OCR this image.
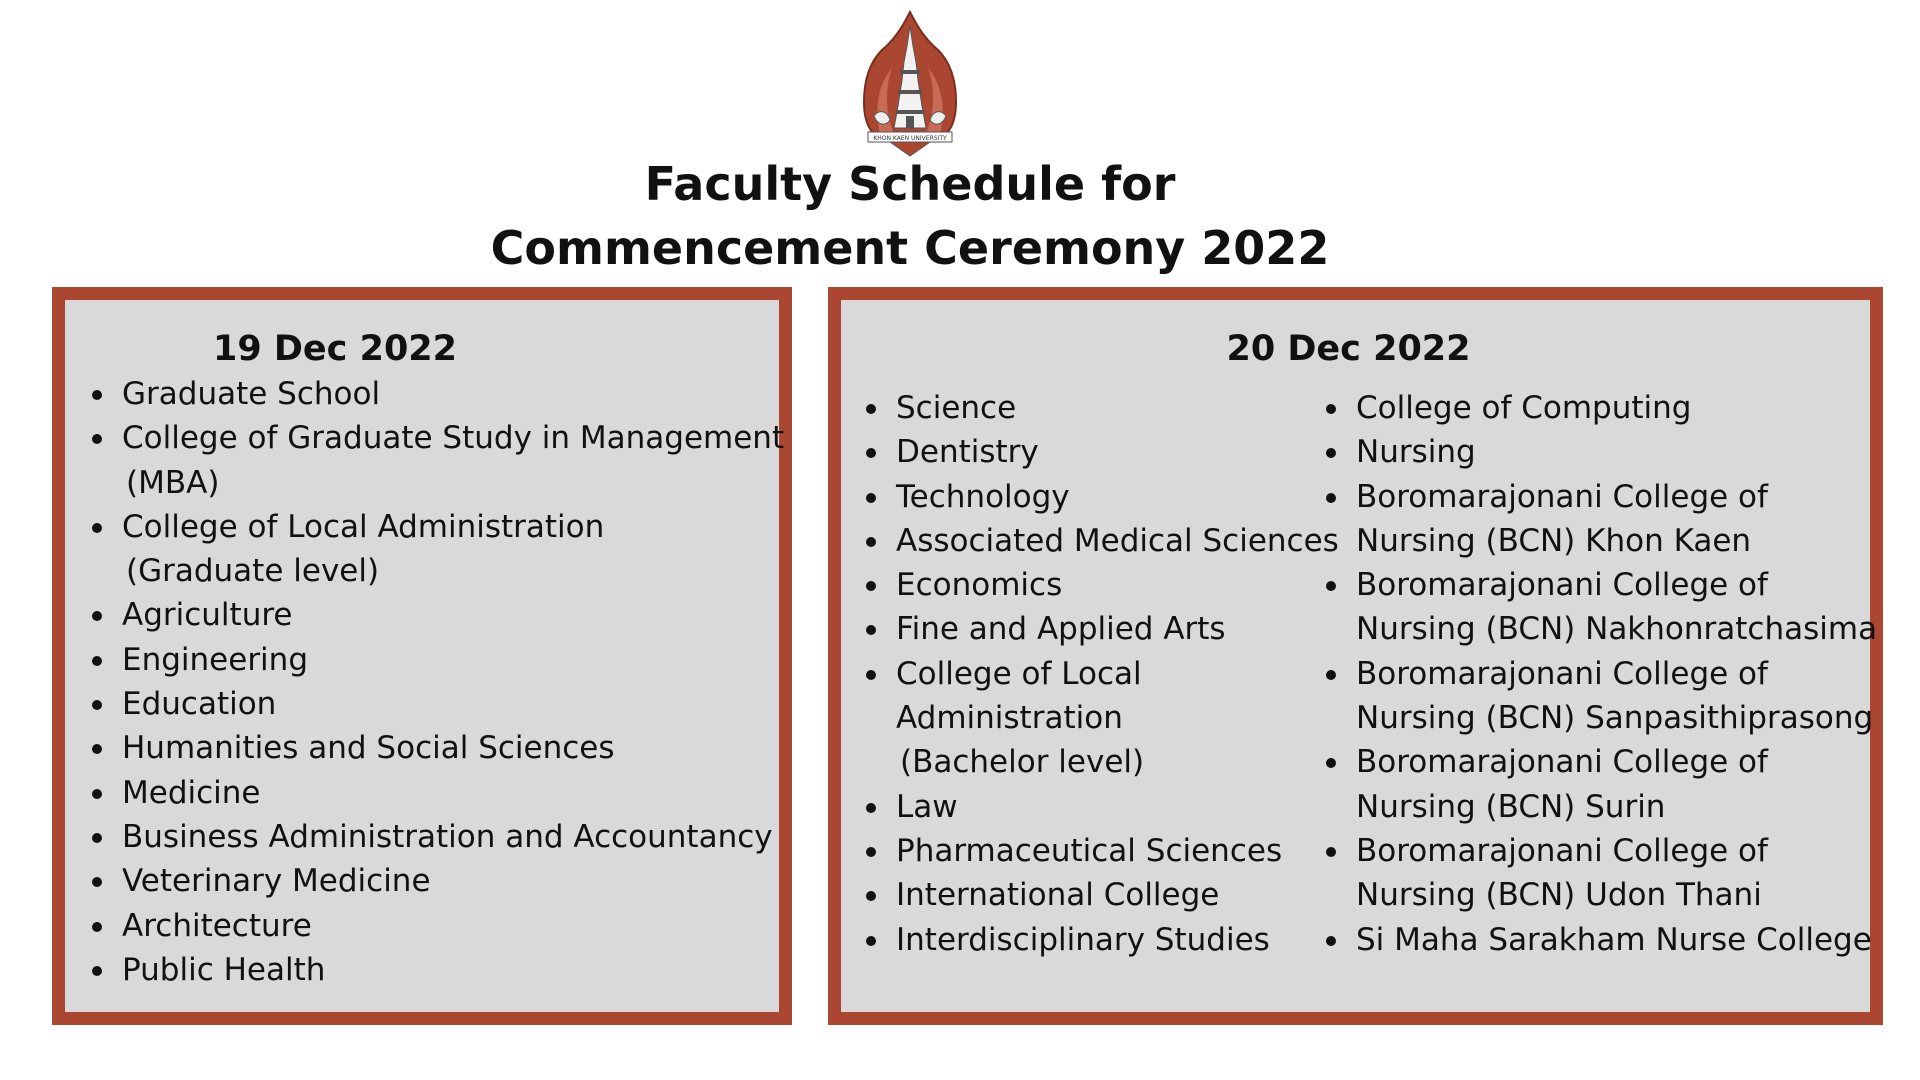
KHON KAEN UNIVERSITY
Faculty Schedule for
Commencement Ceremony 2022
19 Dec 2022
Graduate School
College of Graduate Study in Management
(MBA)
College of Local Administration
(Graduate level)
Agriculture
Engineering
Education
Humanities and Social Sciences
Medicine
Business Administration and Accountancy
Veterinary Medicine
Architecture
Public Health
20 Dec 2022
Science
Dentistry
Technology
Associated Medical Sciences
Economics
Fine and Applied Arts
College of Local
Administration
(Bachelor level)
Law
Pharmaceutical Sciences
International College
Interdisciplinary Studies
College of Computing
Nursing
Boromarajonani College of
Nursing (BCN) Khon Kaen
Boromarajonani College of
Nursing (BCN) Nakhonratchasima
Boromarajonani College of
Nursing (BCN) Sanpasithiprasong
Boromarajonani College of
Nursing (BCN) Surin
Boromarajonani College of
Nursing (BCN) Udon Thani
Si Maha Sarakham Nurse College
